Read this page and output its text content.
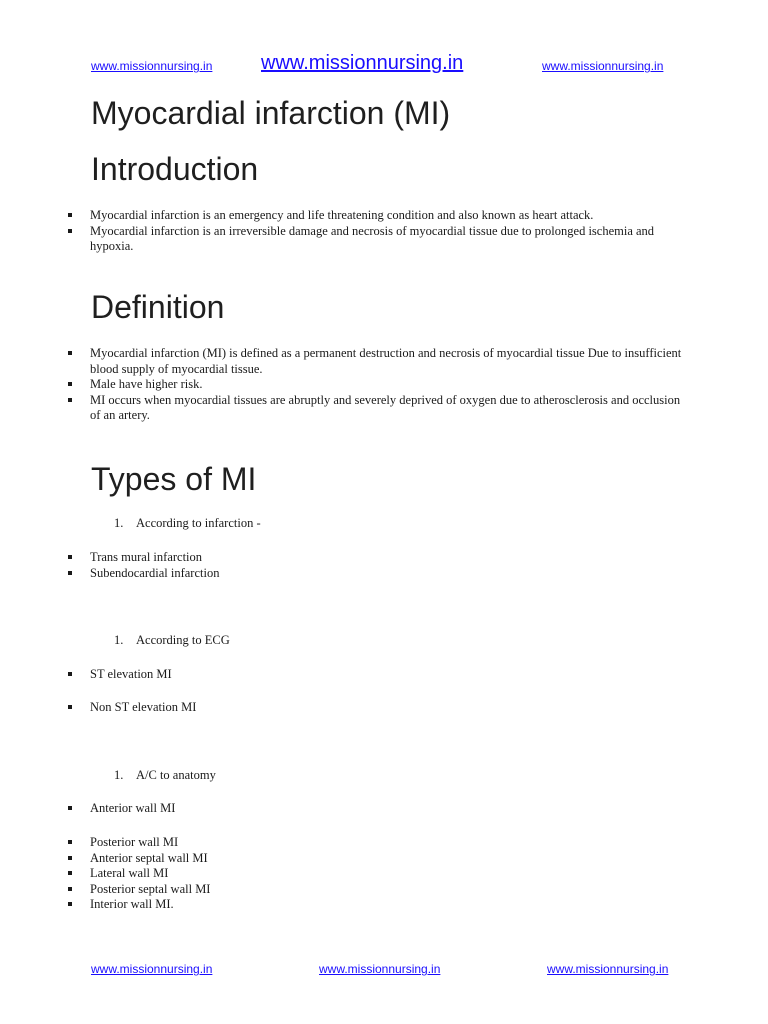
www.missionnursing.in www.missionnursing.in	www.missionnursing.in
Myocardial infarction (MI)
Introduction
Myocardial infarction is an emergency and life threatening condition and also known as heart attack.
Myocardial infarction is an irreversible damage and necrosis of myocardial tissue due to prolonged ischemia and hypoxia.
Definition
Myocardial infarction (MI) is defined as a permanent destruction and necrosis of myocardial tissue Due to insufficient blood supply of myocardial tissue.
Male have higher risk.
MI occurs when myocardial tissues are abruptly and severely deprived of oxygen due to atherosclerosis and occlusion of an artery.
Types of MI
1. According to infarction -
Trans mural infarction
Subendocardial infarction
1. According to ECG
ST elevation MI
Non ST elevation MI
1. A/C to anatomy
Anterior wall MI
Posterior wall MI
Anterior septal wall MI
Lateral wall MI
Posterior septal wall MI
Interior wall MI.
www.missionnursing.in	www.missionnursing.in	www.missionnursing.in
